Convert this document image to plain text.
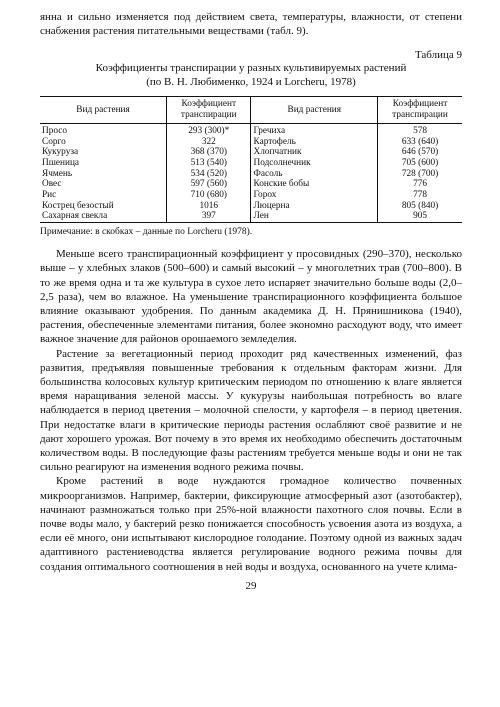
янна и сильно изменяется под действием света, температуры, влажности, от степени снабжения растения питательными веществами (табл. 9).

Таблица 9
Коэффициенты транспирации у разных культивируемых растений
(по В. Н. Любименко, 1924 и Lorcheru, 1978)
Вид растения	Коэффициент транспирации	Вид растения	Коэффициент транспирации
Просо	293 (300)*	Гречиха	578
Сорго	322	Картофель	633 (640)
Кукуруза	368 (370)	Хлопчатник	646 (570)
Пшеница	513 (540)	Подсолнечник	705 (600)
Ячмень	534 (520)	Фасоль	728 (700)
Овес	597 (560)	Конские бобы	776
Рис	710 (680)	Горох	778
Кострец безостый	1016	Люцерна	805 (840)
Сахарная свекла	397	Лен	905
Примечание: в скобках – данные по Lorcheru (1978).

Меньше всего транспирационный коэффициент у просовидных (290–370), несколько выше – у хлебных злаков (500–600) и самый высокий – у многолетних трав (700–800). В то же время одна и та же культура в сухое лето испаряет значительно больше воды (2,0–2,5 раза), чем во влажное. На уменьшение транспирационного коэффициента большое влияние оказывают удобрения. По данным академика Д. Н. Прянишникова (1940), растения, обеспеченные элементами питания, более экономно расходуют воду, что имеет важное значение для районов орошаемого земледелия.

Растение за вегетационный период проходит ряд качественных изменений, фаз развития, предъявляя повышенные требования к отдельным факторам жизни. Для большинства колосовых культур критическим периодом по отношению к влаге является время наращивания зеленой массы. У кукурузы наибольшая потребность во влаге наблюдается в период цветения – молочной спелости, у картофеля – в период цветения. При недостатке влаги в критические периоды растения ослабляют своё развитие и не дают хорошего урожая. Вот почему в это время их необходимо обеспечить достаточным количеством воды. В последующие фазы растениям требуется меньше воды и они не так сильно реагируют на изменения водного режима почвы.

Кроме растений в воде нуждаются громадное количество почвенных микроорганизмов. Например, бактерии, фиксирующие атмосферный азот (азотобактер), начинают размножаться только при 25%-ной влажности пахотного слоя почвы. Если в почве воды мало, у бактерий резко понижается способность усвоения азота из воздуха, а если её много, они испытывают кислородное голодание. Поэтому одной из важных задач адаптивного растениеводства является регулирование водного режима почвы для создания оптимального соотношения в ней воды и воздуха, основанного на учете клима-

29
